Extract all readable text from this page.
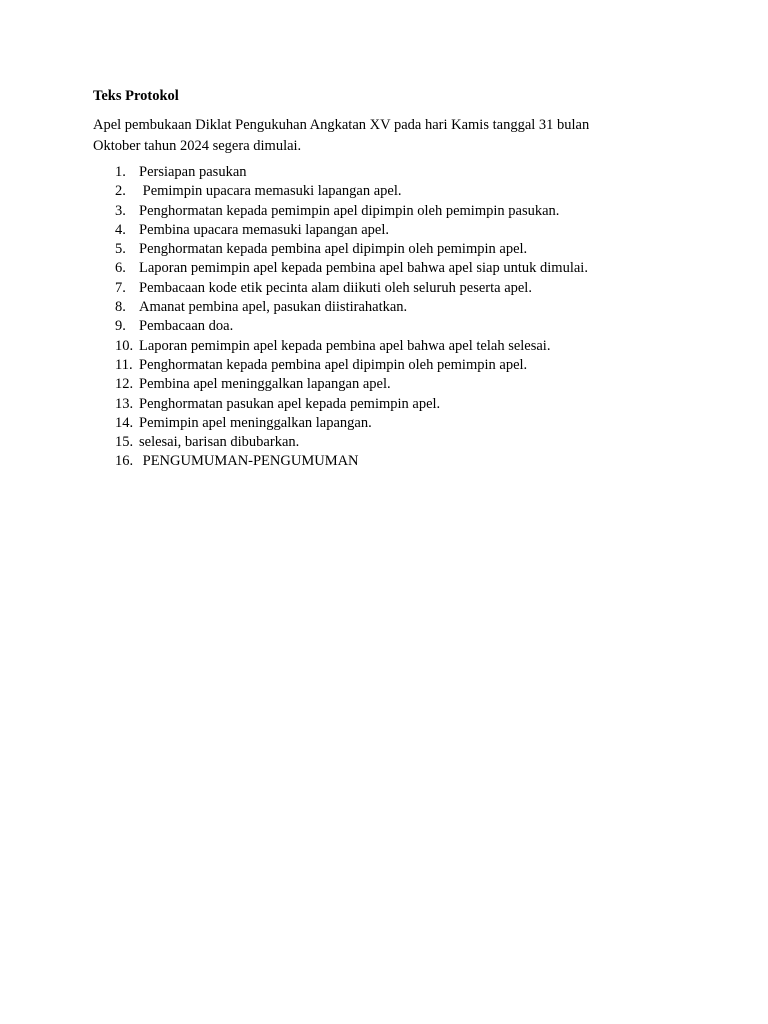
Teks Protokol

Apel pembukaan Diklat Pengukuhan Angkatan XV pada hari Kamis tanggal 31 bulan
Oktober tahun 2024 segera dimulai.

1. Persiapan pasukan
2. Pemimpin upacara memasuki lapangan apel.
3. Penghormatan kepada pemimpin apel dipimpin oleh pemimpin pasukan.
4. Pembina upacara memasuki lapangan apel.
5. Penghormatan kepada pembina apel dipimpin oleh pemimpin apel.
6. Laporan pemimpin apel kepada pembina apel bahwa apel siap untuk dimulai.
7. Pembacaan kode etik pecinta alam diikuti oleh seluruh peserta apel.
8. Amanat pembina apel, pasukan diistirahatkan.
9. Pembacaan doa.
10. Laporan pemimpin apel kepada pembina apel bahwa apel telah selesai.
11. Penghormatan kepada pembina apel dipimpin oleh pemimpin apel.
12. Pembina apel meninggalkan lapangan apel.
13. Penghormatan pasukan apel kepada pemimpin apel.
14. Pemimpin apel meninggalkan lapangan.
15. selesai, barisan dibubarkan.
16. PENGUMUMAN-PENGUMUMAN
